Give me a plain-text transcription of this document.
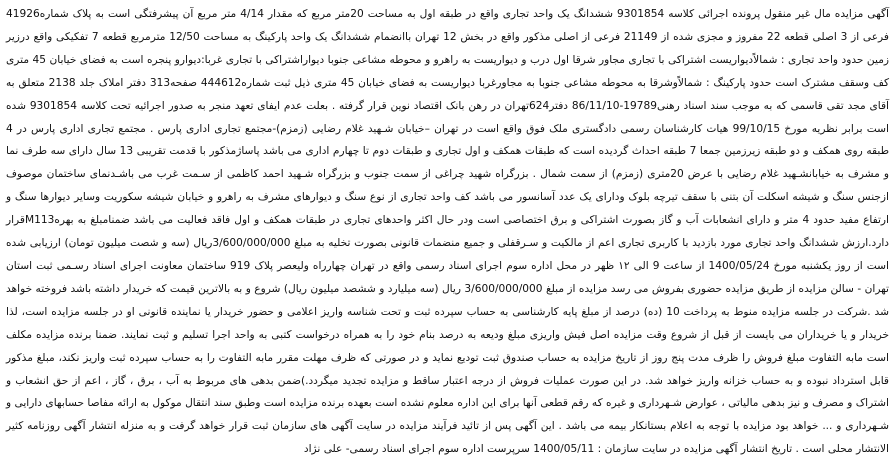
آگهی مزایده مال غیر منقول پرونده اجرائی کلاسه 9301854 ششدانگ یک واحد تجاری واقع در طبقه اول به مساحت 20متر مربع که مقدار 4/14 متر مربع آن پیشرفتگی است به پلاک شماره41926 فرعی از 3 اصلی قطعه 22 مفروز و مجزی شده از 21149 فرعی از اصلی مذکور واقع در بخش 12 تهران باانضمام ششدانگ یک واحد پارکینگ به مساحت 12/50 مترمربع قطعه 7 تفکیکی واقع درزیر زمین حدود واحد تجاری : شمالاًدیواریست اشتراکی با تجاری مجاور شرقا اول درب و دیواریست به راهرو و محوطه مشاعی جنوبا دیواراشتراکی با تجاری غربا:دیوارو پنجره است به فضای خیابان 45 متری کف وسقف مشترک است حدود پارکینگ : شمالاًوشرقا به محوطه مشاعی جنوبا به مجاورغربا دیواریست به فضای خیابان 45 متری ذیل ثبت شماره444612 صفحه313 دفتر املاک جلد 2138 متعلق به آقای مجد تقی قاسمی که به موجب سند اسناد رهنی19789-86/11/10 دفتر624تهران در رهن بانک اقتصاد نوین قرار گرفته . بعلت عدم ایفای تعهد منجر به صدور اجرائیه تحت کلاسه 9301854 شده است برابر نظریه مورخ 99/10/15 هیات کارشناسان رسمی دادگستری ملک فوق واقع است در تهران –خیابان شـهید غلام رضایی (زمزم)-مجتمع تجاری اداری پارس . مجتمع تجاری اداری پارس در 4 طبقه روی همکف و دو طبقه زیرزمین جمعا 7 طبقه احداث گردیده است که طبقات همکف و اول تجاری و طبقات دوم تا چهارم اداری می باشد پاساژمذکور با قدمت تقریبی 13 سال دارای سه طرف نما و مشرف به خیابانشـهید غلام رضایی با عرض 20متری (زمزم) از سمت شمال . بزرگراه شهید چراغی از سمت جنوب و بزرگراه شـهید احمد کاظمی از سـمت غرب می باشـدنمای ساختمان موصوف ازجنس سنگ و شیشه اسکلت آن بتنی با سقف تیرچه بلوک ودارای یک عدد آسانسور می باشد کف واحد تجاری از نوع سنگ و دیوارهای مشرف به راهرو و خیابان شیشه سکوریت وسایر دیوارها سنگ و ارتفاع مفید حدود 4 متر و دارای انشعابات آب و گاز بصورت اشتراکی و برق اختصاصی است ودر حال اکثر واحدهای تجاری در طبقات همکف و اول فاقد فعالیت می باشد ضمنامبلغ به بهرهM113قرار دارد.ارزش ششدانگ واحد تجاری مورد بازدید با کاربری تجاری اعم از مالکیت و سـرقفلی و جمیع منضمات قانونی بصورت تخلیه به مبلغ 3/600/000/000ریال (سه و شصت میلیون تومان) ارزیابی شده است از روز یکشنبه مورخ 1400/05/24 از ساعت 9 الی ۱۲ ظهر در محل اداره سوم اجرای اسناد رسمی واقع در تهران چهارراه ولیعصر پلاک 919 ساختمان معاونت اجرای اسناد رسـمی ثبت استان تهران - سالن مزایده از طریق مزایده حضوری بفروش می رسد مزایده از مبلغ 3/600/000/000 ریال (سه میلیارد و ششصد میلیون ریال) شروع و به بالاترین قیمت که خریدار داشته باشد فروخته خواهد شد .شرکت در جلسه مزایده منوط به پرداخت 10 (ده) درصد از مبلغ پایه کارشناسی به حساب سپرده ثبت و تحت شناسه واریز اعلامی و حضور خریدار یا نماینده قانونی او در جلسه مزایده است، لذا خریدار و یا خریداران می بایست از قبل از شروع وقت مزایده اصل فیش واریزی مبلغ ودیعه به درصد بنام خود را به همراه درخواست کتبی به واحد اجرا تسلیم و ثبت نمایند. ضمنا برنده مزایده مکلف است مابه التفاوت مبلغ فروش را ظرف مدت پنج روز از تاریخ مزایده به حساب صندوق ثبت تودیع نماید و در صورتی که ظرف مهلت مقرر مابه التفاوت را به حساب سپرده ثبت واریز نکند، مبلغ مذکور قابل استرداد نبوده و به حساب خزانه واریز خواهد شد. در این صورت عملیات فروش از درجه اعتبار ساقط و مزایده تجدید میگردد.)ضمن بدهی های مربوط به آب ، برق ، گاز ، اعم از حق انشعاب و اشتراک و مصرف و نیز بدهی مالیاتی ، عوارض شـهرداری و غیره که رقم قطعی آنها برای این اداره معلوم نشده است بعهده برنده مزایده است وطبق سند انتقال موکول به ارائه مفاصا حسابهای دارایی و شـهرداری و ... خواهد بود مزایده با توجه به اعلام بستانکار بیمه می باشد . این آگهی پس از تائید فرآیند مزایده در سایت آگهی های سازمان ثبت قرار خواهد گرفت و به منزله انتشار آگهی روزنامه کثیر الانتشار محلی است . تاریخ انتشار آگهی مزایده در سایت سازمان : 1400/05/11 سرپرست اداره سوم اجرای اسناد رسمی- علی نژاد
